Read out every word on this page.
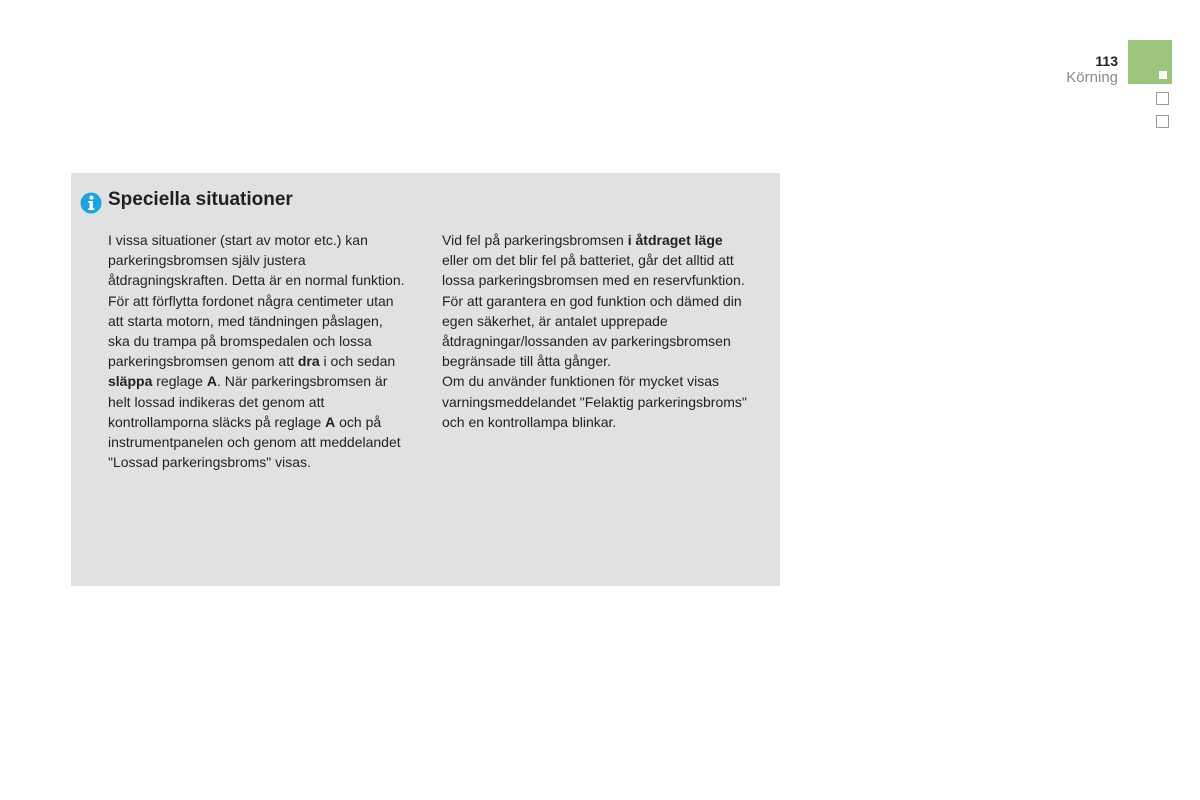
113
Körning
Speciella situationer

I vissa situationer (start av motor etc.) kan parkeringsbromsen själv justera åtdragningskraften. Detta är en normal funktion.

För att förflytta fordonet några centimeter utan att starta motorn, med tändningen påslagen, ska du trampa på bromspedalen och lossa parkeringsbromsen genom att dra i och sedan släppa reglage A. När parkeringsbromsen är helt lossad indikeras det genom att kontrollamporna släcks på reglage A och på instrumentpanelen och genom att meddelandet "Lossad parkeringsbroms" visas.

Vid fel på parkeringsbromsen i åtdraget läge eller om det blir fel på batteriet, går det alltid att lossa parkeringsbromsen med en reservfunktion.

För att garantera en god funktion och dämed din egen säkerhet, är antalet upprepade åtdragningar/lossanden av parkeringsbromsen begränsade till åtta gånger.

Om du använder funktionen för mycket visas varningsmeddelandet "Felaktig parkeringsbroms" och en kontrollampa blinkar.
